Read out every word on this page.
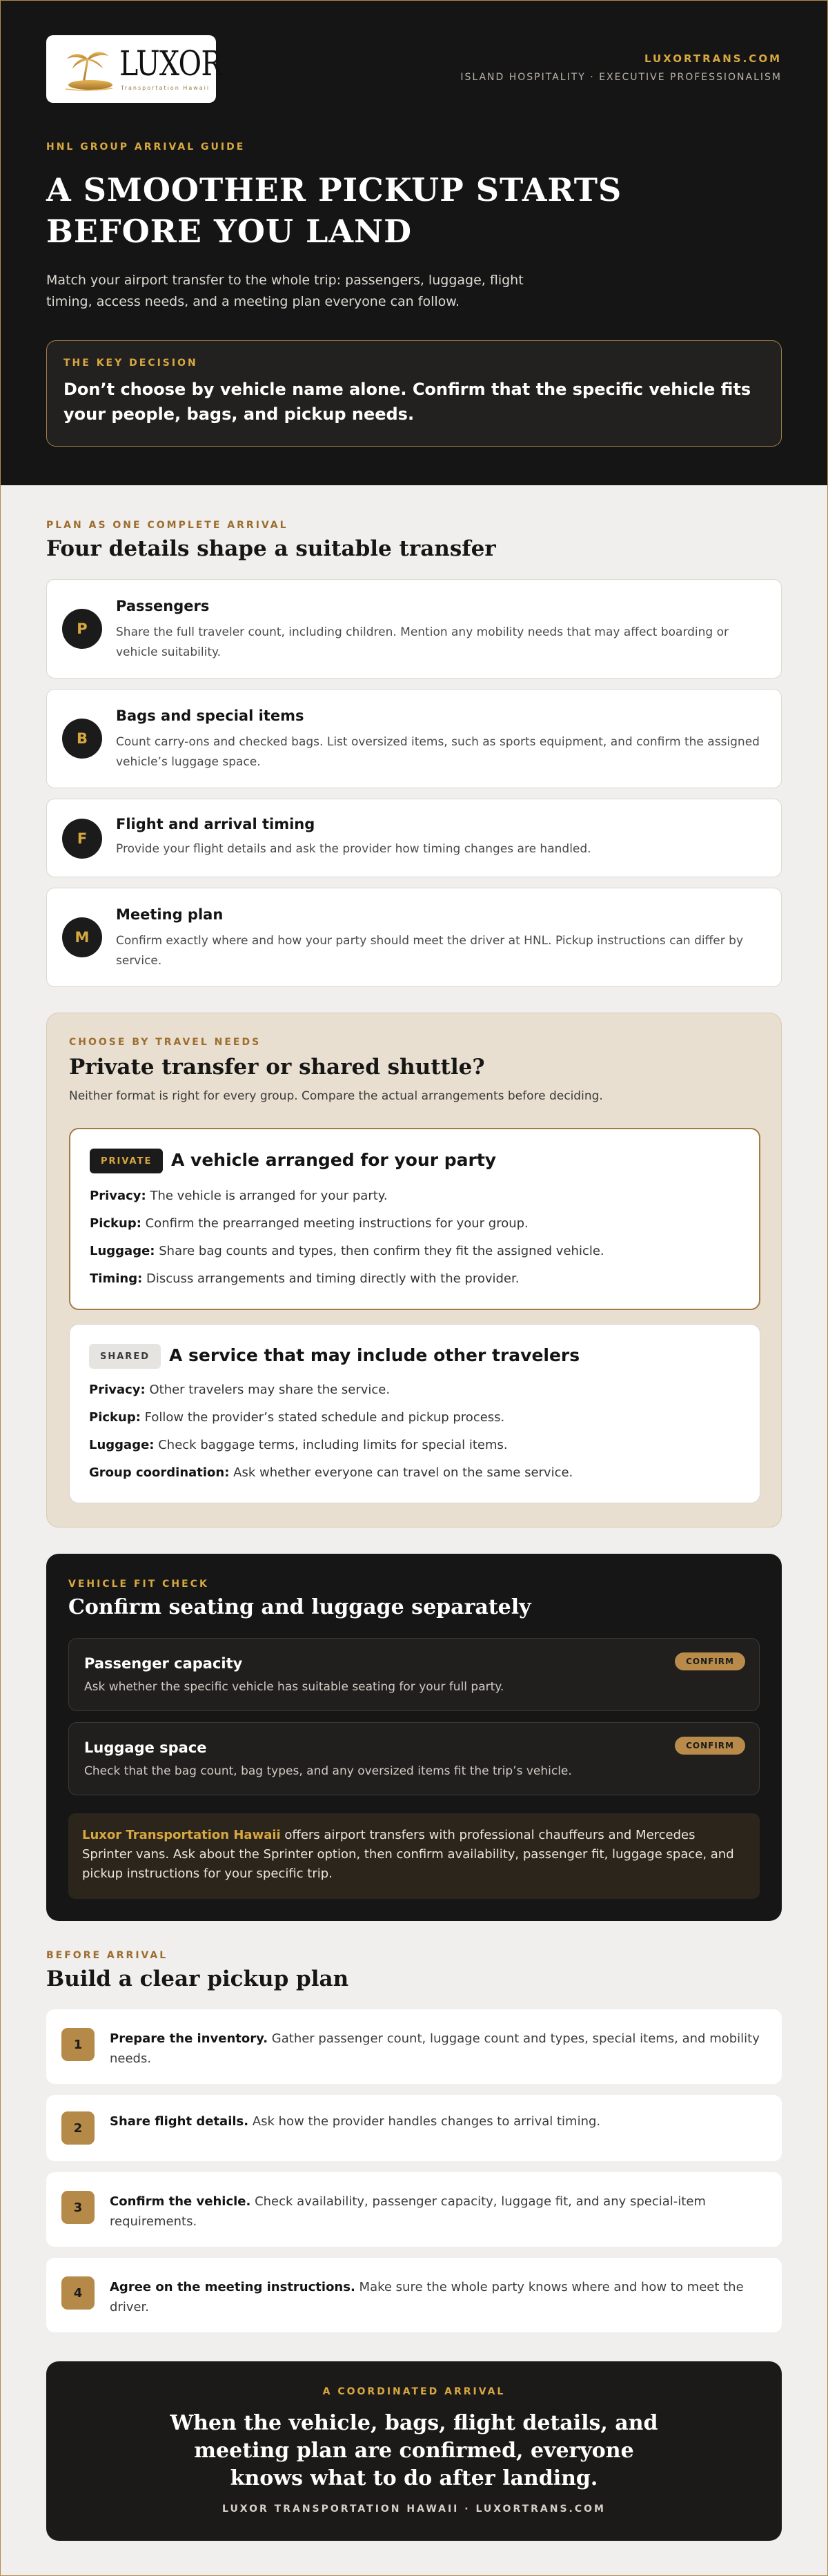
LUXOR
Transportation Hawaii
LUXORTRANS.COM
ISLAND HOSPITALITY · EXECUTIVE PROFESSIONALISM
HNL GROUP ARRIVAL GUIDE
A SMOOTHER PICKUP STARTS BEFORE YOU LAND
Match your airport transfer to the whole trip: passengers, luggage, flight timing, access needs, and a meeting plan everyone can follow.
THE KEY DECISION
Don’t choose by vehicle name alone. Confirm that the specific vehicle fits your people, bags, and pickup needs.
PLAN AS ONE COMPLETE ARRIVAL
Four details shape a suitable transfer
P
Passengers
Share the full traveler count, including children. Mention any mobility needs that may affect boarding or vehicle suitability.
B
Bags and special items
Count carry-ons and checked bags. List oversized items, such as sports equipment, and confirm the assigned vehicle’s luggage space.
F
Flight and arrival timing
Provide your flight details and ask the provider how timing changes are handled.
M
Meeting plan
Confirm exactly where and how your party should meet the driver at HNL. Pickup instructions can differ by service.
CHOOSE BY TRAVEL NEEDS
Private transfer or shared shuttle?
Neither format is right for every group. Compare the actual arrangements before deciding.
PRIVATE	A vehicle arranged for your party
Privacy: The vehicle is arranged for your party.
Pickup: Confirm the prearranged meeting instructions for your group.
Luggage: Share bag counts and types, then confirm they fit the assigned vehicle.
Timing: Discuss arrangements and timing directly with the provider.
SHARED	A service that may include other travelers
Privacy: Other travelers may share the service.
Pickup: Follow the provider’s stated schedule and pickup process.
Luggage: Check baggage terms, including limits for special items.
Group coordination: Ask whether everyone can travel on the same service.
VEHICLE FIT CHECK
Confirm seating and luggage separately
Passenger capacity
Ask whether the specific vehicle has suitable seating for your full party.
CONFIRM
Luggage space
Check that the bag count, bag types, and any oversized items fit the trip’s vehicle.
CONFIRM
Luxor Transportation Hawaii offers airport transfers with professional chauffeurs and Mercedes Sprinter vans. Ask about the Sprinter option, then confirm availability, passenger fit, luggage space, and pickup instructions for your specific trip.
BEFORE ARRIVAL
Build a clear pickup plan
1	Prepare the inventory. Gather passenger count, luggage count and types, special items, and mobility needs.
2	Share flight details. Ask how the provider handles changes to arrival timing.
3	Confirm the vehicle. Check availability, passenger capacity, luggage fit, and any special-item requirements.
4	Agree on the meeting instructions. Make sure the whole party knows where and how to meet the driver.
A COORDINATED ARRIVAL
When the vehicle, bags, flight details, and meeting plan are confirmed, everyone knows what to do after landing.
LUXOR TRANSPORTATION HAWAII · LUXORTRANS.COM
